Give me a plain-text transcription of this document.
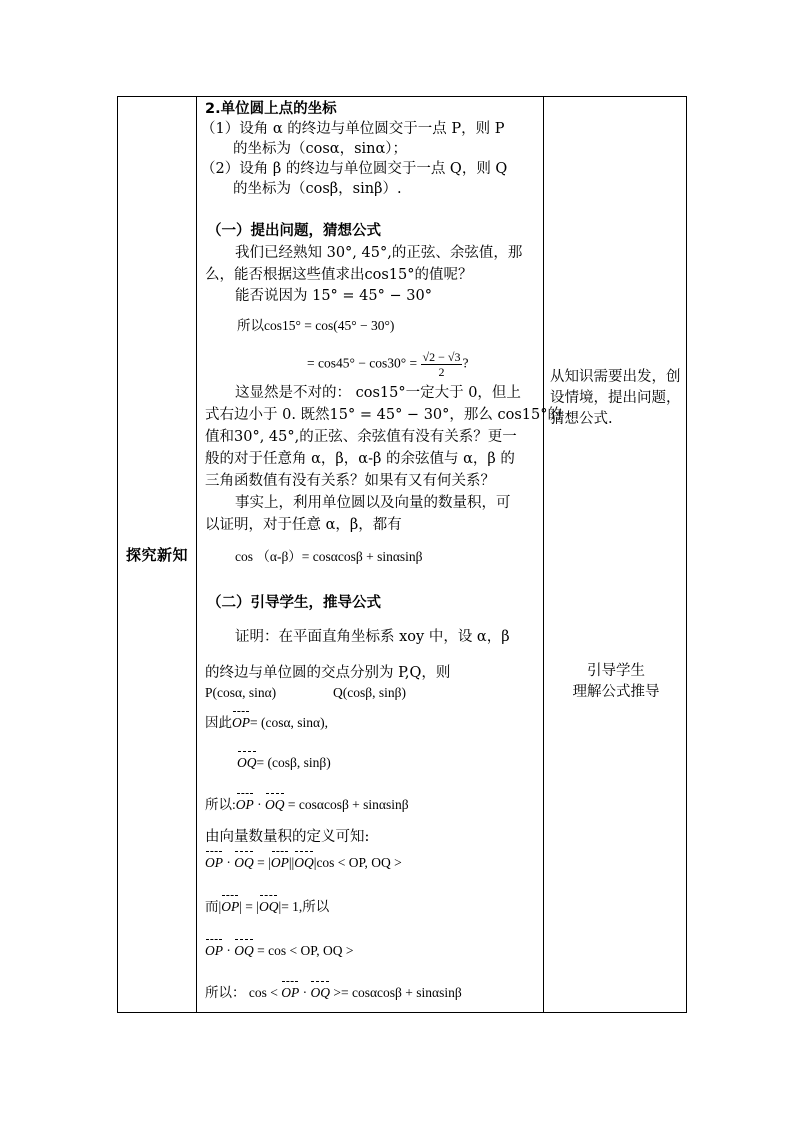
探究新知	
2.单位圆上点的坐标
（1）设角 α 的终边与单位圆交于一点 P，则 P
的坐标为（cosα，sinα）；
（2）设角 β 的终边与单位圆交于一点 Q，则 Q
的坐标为（cosβ，sinβ）.
（一）提出问题，猜想公式
我们已经熟知 30°, 45°,的正弦、余弦值，那
么，能否根据这些值求出cos15°的值呢？
能否说因为 15° = 45° − 30°
所以cos15° = cos(45° − 30°)
= $\cos 45^\circ - \cos 30^\circ = \frac{√2 - √3}{2}$ ?
这显然是不对的： cos15°一定大于 0，但上
式右边小于 0. 既然15° = 45° − 30°，那么 cos15°的
值和30°, 45°,的正弦、余弦值有没有关系？更一
般的对于任意角 α，β，α-β 的余弦值与 α，β 的
三角函数值有没有关系？如果有又有何关系？
事实上，利用单位圆以及向量的数量积，可
以证明，对于任意 α，β，都有
cos （α-β）= cosαcosβ + sinαsinβ
（二）引导学生，推导公式
证明：在平面直角坐标系 xoy 中，设 α，β
的终边与单位圆的交点分别为 P,Q，则
P(cosα, sinα)	Q(cosβ, sinβ)
因此OP= (cosα, sinα),
OQ= (cosβ, sinβ)
所以:OP · OQ = cosαcosβ + sinαsinβ
由向量数量积的定义可知:
OP · OQ = |OP||OQ|cos < OP, OQ >
而|OP| = |OQ|= 1,所以
OP · OQ = cos < OP, OQ >
所以： cos < OP · OQ >= cosαcosβ + sinαsinβ

从知识需要出发，创设情境，提出问题，猜想公式.
引导学生
理解公式推导
